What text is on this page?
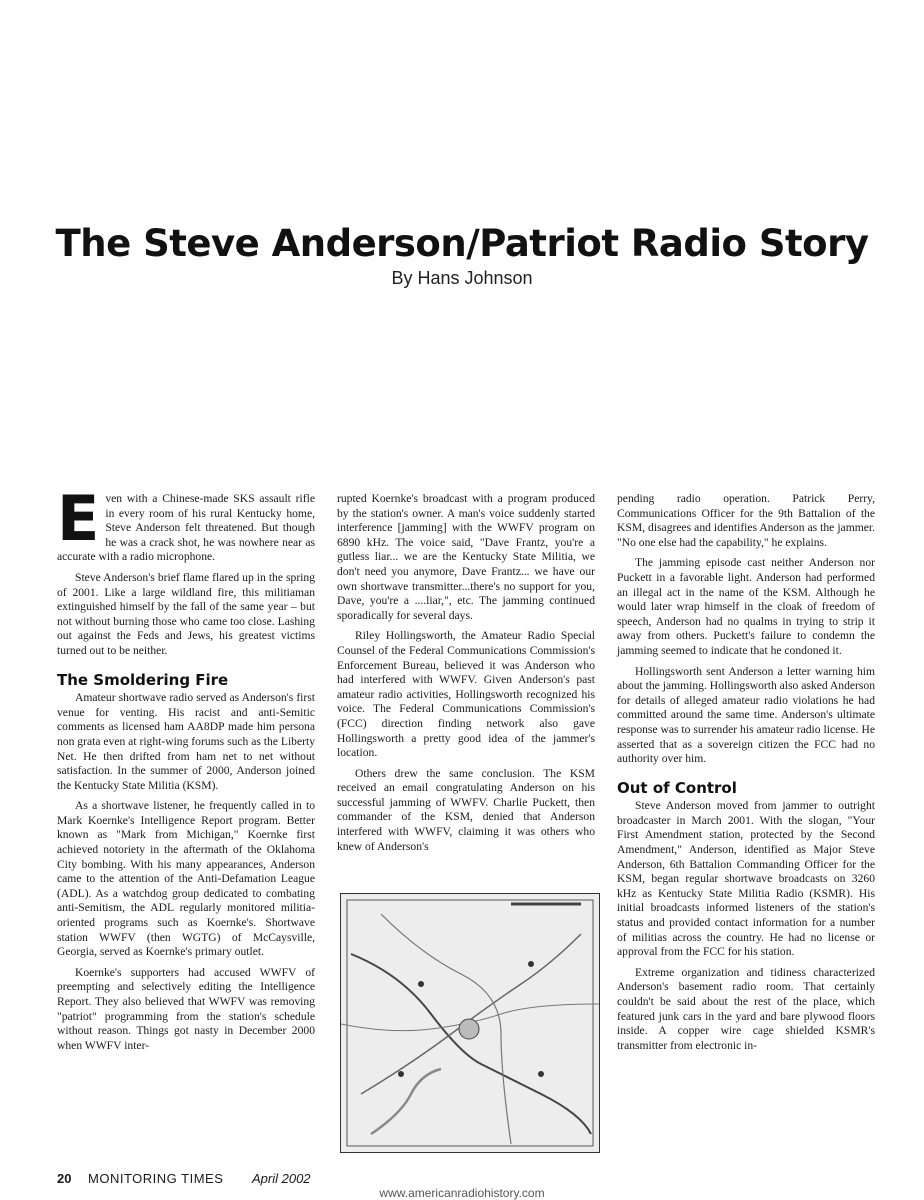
The Steve Anderson/Patriot Radio Story
By Hans Johnson

Even with a Chinese-made SKS assault rifle in every room of his rural Kentucky home, Steve Anderson felt threatened. But though he was a crack shot, he was nowhere near as accurate with a radio microphone.

Steve Anderson's brief flame flared up in the spring of 2001. Like a large wildland fire, this militiaman extinguished himself by the fall of the same year – but not without burning those who came too close. Lashing out against the Feds and Jews, his greatest victims turned out to be neither.

The Smoldering Fire

Amateur shortwave radio served as Anderson's first venue for venting. His racist and anti-Semitic comments as licensed ham AA8DP made him persona non grata even at right-wing forums such as the Liberty Net. He then drifted from ham net to net without satisfaction. In the summer of 2000, Anderson joined the Kentucky State Militia (KSM).

As a shortwave listener, he frequently called in to Mark Koernke's Intelligence Report program. Better known as "Mark from Michigan," Koernke first achieved notoriety in the aftermath of the Oklahoma City bombing. With his many appearances, Anderson came to the attention of the Anti-Defamation League (ADL). As a watchdog group dedicated to combating anti-Semitism, the ADL regularly monitored militia-oriented programs such as Koernke's. Shortwave station WWFV (then WGTG) of McCaysville, Georgia, served as Koernke's primary outlet.

Koernke's supporters had accused WWFV of preempting and selectively editing the Intelligence Report. They also believed that WWFV was removing "patriot" programming from the station's schedule without reason. Things got nasty in December 2000 when WWFV inter-

rupted Koernke's broadcast with a program produced by the station's owner. A man's voice suddenly started interference [jamming] with the WWFV program on 6890 kHz. The voice said, "Dave Frantz, you're a gutless liar... we are the Kentucky State Militia, we don't need you anymore, Dave Frantz... we have our own shortwave transmitter...there's no support for you, Dave, you're a ....liar,", etc. The jamming continued sporadically for several days.

Riley Hollingsworth, the Amateur Radio Special Counsel of the Federal Communications Commission's Enforcement Bureau, believed it was Anderson who had interfered with WWFV. Given Anderson's past amateur radio activities, Hollingsworth recognized his voice. The Federal Communications Commission's (FCC) direction finding network also gave Hollingsworth a pretty good idea of the jammer's location.

Others drew the same conclusion. The KSM received an email congratulating Anderson on his successful jamming of WWFV. Charlie Puckett, then commander of the KSM, denied that Anderson interfered with WWFV, claiming it was others who knew of Anderson's

pending radio operation. Patrick Perry, Communications Officer for the 9th Battalion of the KSM, disagrees and identifies Anderson as the jammer. "No one else had the capability," he explains.

The jamming episode cast neither Anderson nor Puckett in a favorable light. Anderson had performed an illegal act in the name of the KSM. Although he would later wrap himself in the cloak of freedom of speech, Anderson had no qualms in trying to strip it away from others. Puckett's failure to condemn the jamming seemed to indicate that he condoned it.

Hollingsworth sent Anderson a letter warning him about the jamming. Hollingsworth also asked Anderson for details of alleged amateur radio violations he had committed around the same time. Anderson's ultimate response was to surrender his amateur radio license. He asserted that as a sovereign citizen the FCC had no authority over him.

Out of Control

Steve Anderson moved from jammer to outright broadcaster in March 2001. With the slogan, "Your First Amendment station, protected by the Second Amendment," Anderson, identified as Major Steve Anderson, 6th Battalion Commanding Officer for the KSM, began regular shortwave broadcasts on 3260 kHz as Kentucky State Militia Radio (KSMR). His initial broadcasts informed listeners of the station's status and provided contact information for a number of militias across the country. He had no license or approval from the FCC for his station.

Extreme organization and tidiness characterized Anderson's basement radio room. That certainly couldn't be said about the rest of the place, which featured junk cars in the yard and bare plywood floors inside. A copper wire cage shielded KSMR's transmitter from electronic in-

20 MONITORING TIMES April 2002
www.americanradiohistory.com
